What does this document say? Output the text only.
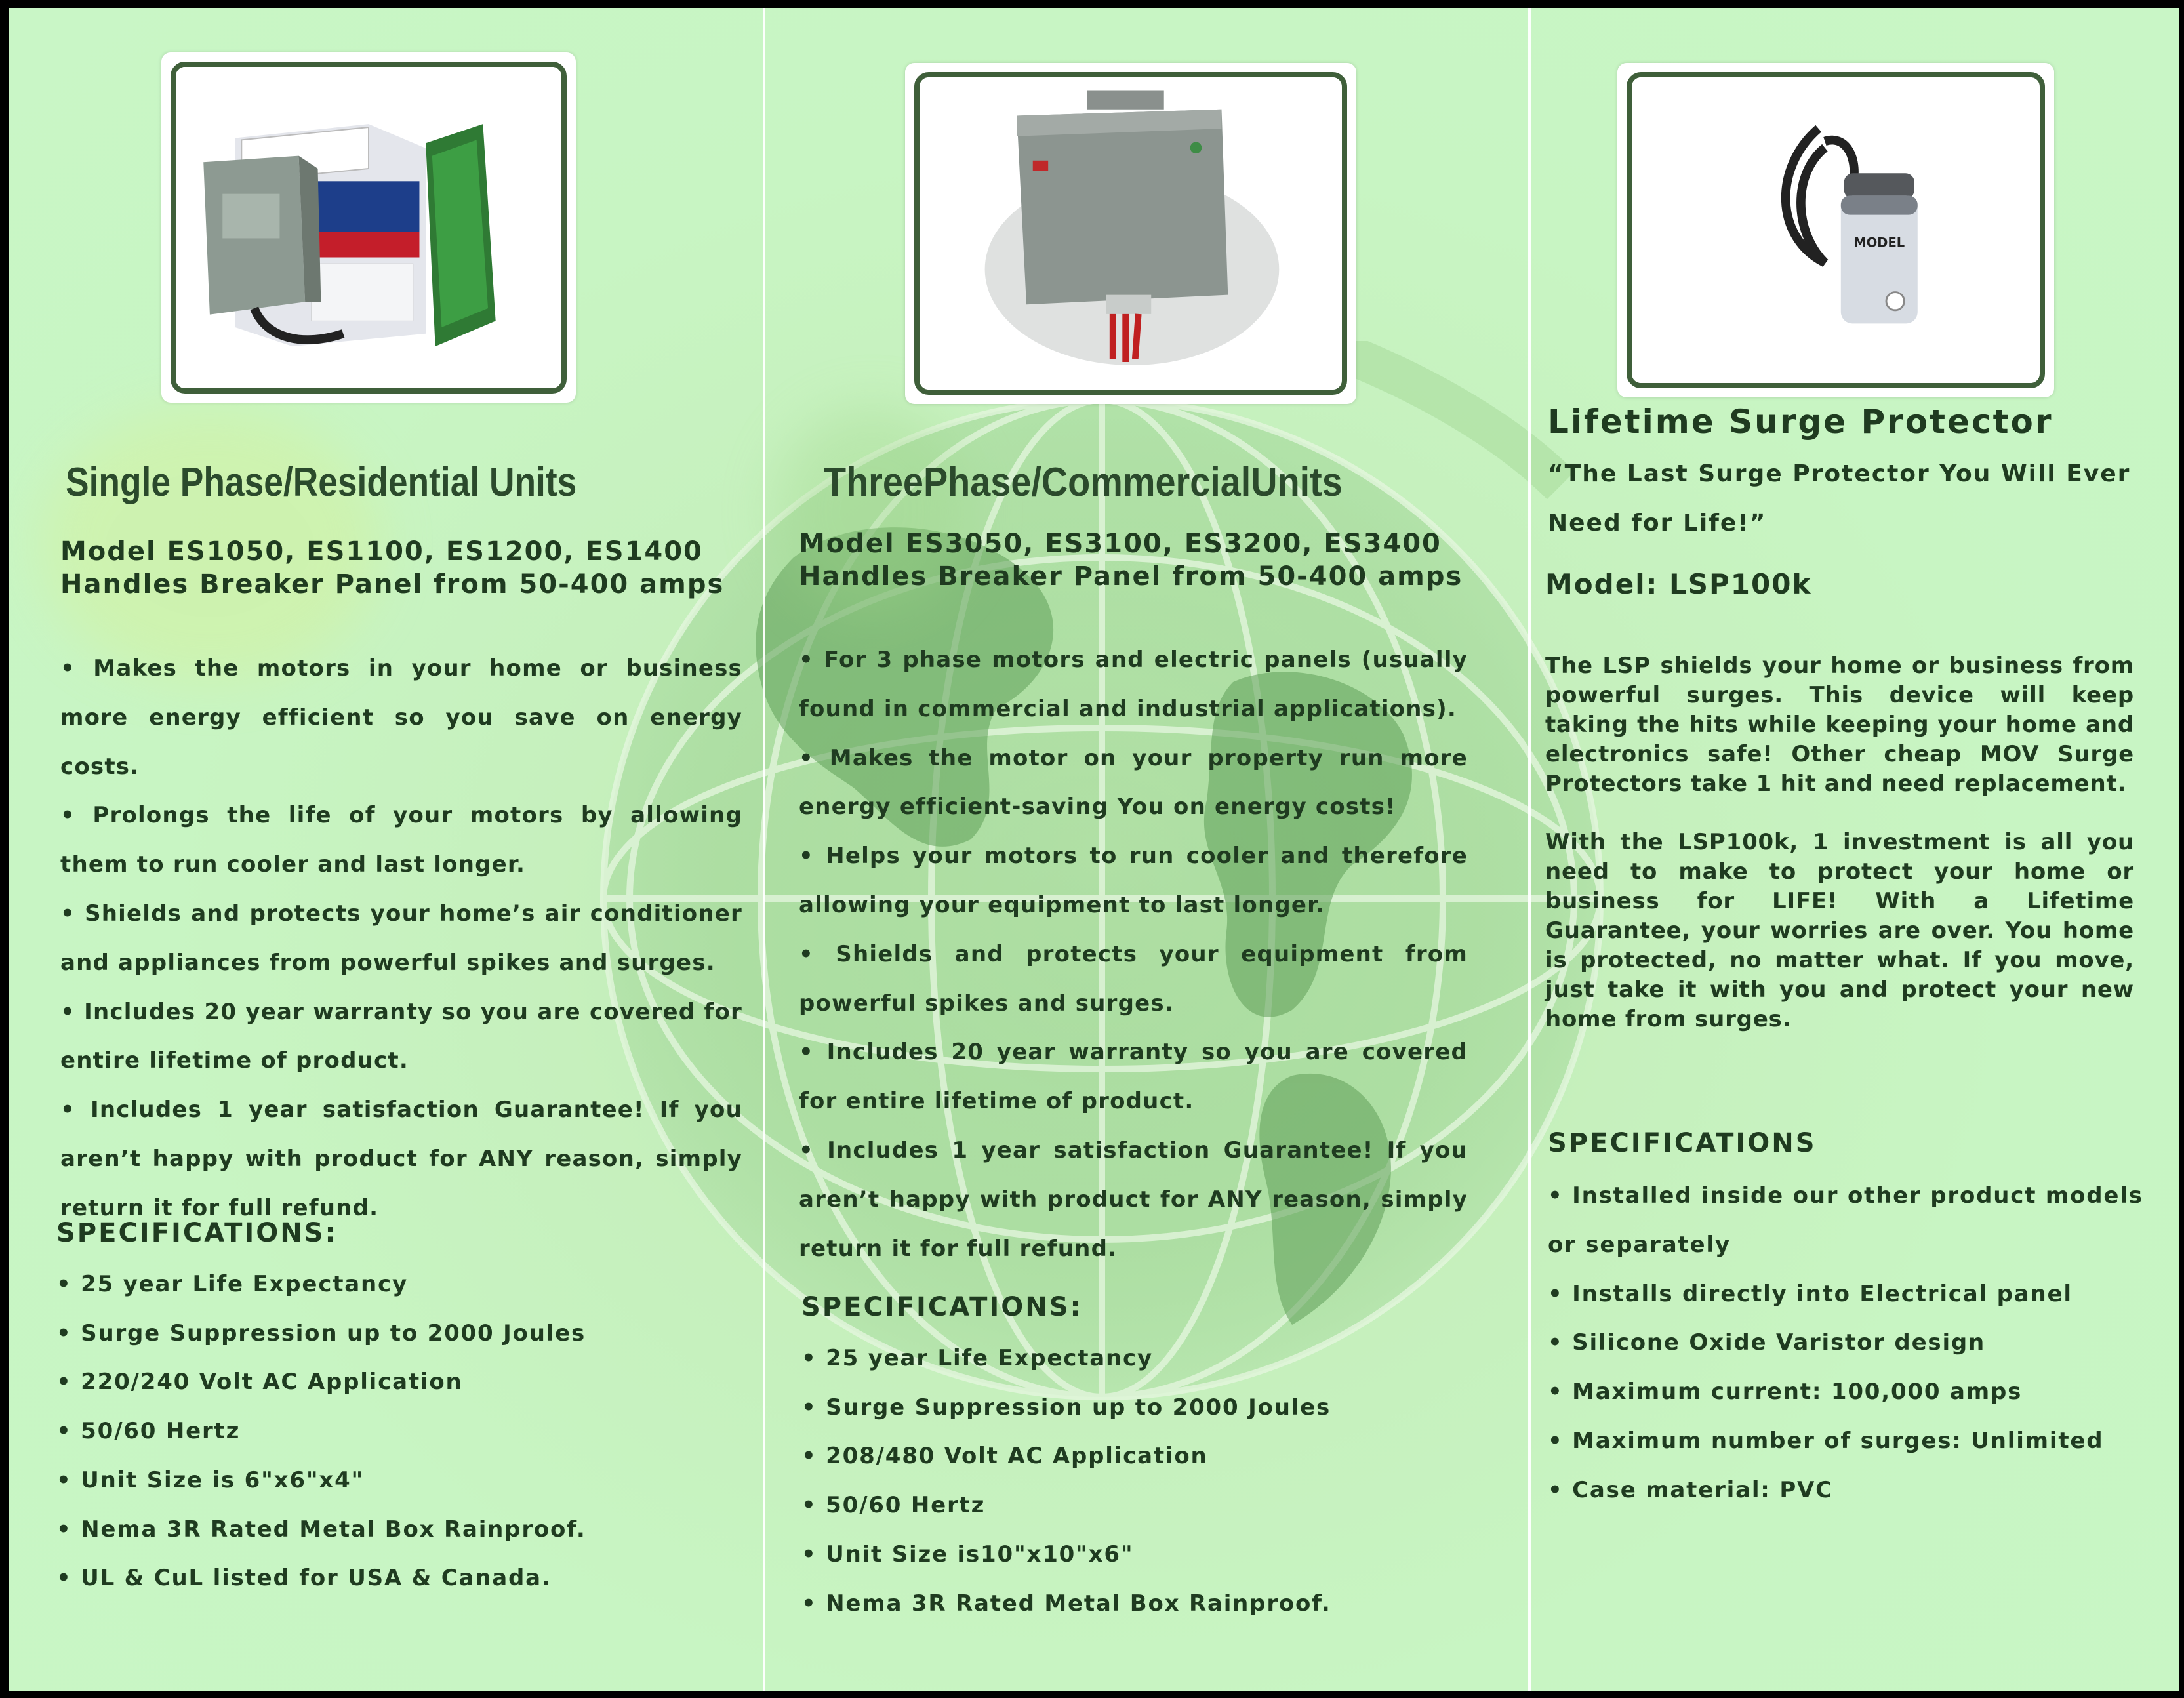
Single Phase/Residential Units
Model ES1050, ES1100, ES1200, ES1400
Handles Breaker Panel from 50-400 amps

• Makes the motors in your home or business more energy efficient so you save on energy costs.

• Prolongs the life of your motors by allowing them to run cooler and last longer.

• Shields and protects your home’s air conditioner and appliances from powerful spikes and surges.

• Includes 20 year warranty so you are covered for entire lifetime of product.

• Includes 1 year satisfaction Guarantee! If you aren’t happy with product for ANY reason, simply return it for full refund.

SPECIFICATIONS:

• 25 year Life Expectancy

• Surge Suppression up to 2000 Joules

• 220/240 Volt AC Application

• 50/60 Hertz

• Unit Size is 6"x6"x4"

• Nema 3R Rated Metal Box Rainproof.

• UL & CuL listed for USA & Canada.

ThreePhase/CommercialUnits
Model ES3050, ES3100, ES3200, ES3400
Handles Breaker Panel from 50-400 amps

• For 3 phase motors and electric panels (usually found in commercial and industrial applications).

• Makes the motor on your property run more energy efficient-saving You on energy costs!

• Helps your motors to run cooler and therefore allowing your equipment to last longer.

• Shields and protects your equipment from powerful spikes and surges.

• Includes 20 year warranty so you are covered for entire lifetime of product.

• Includes 1 year satisfaction Guarantee! If you aren’t happy with product for ANY reason, simply return it for full refund.

SPECIFICATIONS:

• 25 year Life Expectancy

• Surge Suppression up to 2000 Joules

• 208/480 Volt AC Application

• 50/60 Hertz

• Unit Size is10"x10"x6"

• Nema 3R Rated Metal Box Rainproof.

MODEL
Lifetime Surge Protector
“The Last Surge Protector You Will Ever
Need for Life!”
Model: LSP100k

The LSP shields your home or business from powerful surges. This device will keep taking the hits while keeping your home and electronics safe! Other cheap MOV Surge Protectors take 1 hit and need replacement.

With the LSP100k, 1 investment is all you need to make to protect your home or business for LIFE! With a Lifetime Guarantee, your worries are over. You home is protected, no matter what. If you move, just take it with you and protect your new home from surges.

SPECIFICATIONS

• Installed inside our other product models or separately

• Installs directly into Electrical panel

• Silicone Oxide Varistor design

• Maximum current: 100,000 amps

• Maximum number of surges: Unlimited

• Case material: PVC
